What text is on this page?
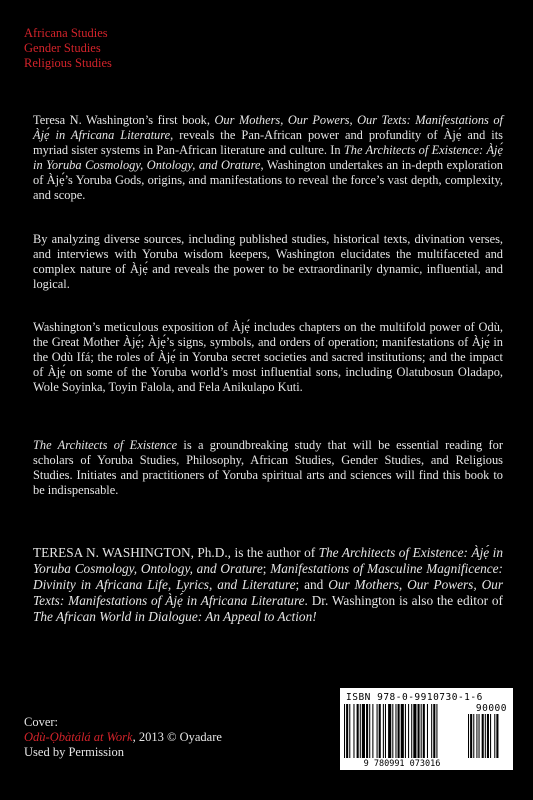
Africana Studies
Gender Studies
Religious Studies
Teresa N. Washington’s first book, Our Mothers, Our Powers, Our Texts: Manifestations of Àjẹ́ in Africana Literature, reveals the Pan-African power and profundity of Àjẹ́ and its myriad sister systems in Pan-African literature and culture. In The Architects of Existence: Àjẹ́ in Yoruba Cosmology, Ontology, and Orature, Washington undertakes an in-depth exploration of Àjẹ́’s Yoruba Gods, origins, and manifestations to reveal the force’s vast depth, complexity, and scope.
By analyzing diverse sources, including published studies, historical texts, divination verses, and interviews with Yoruba wisdom keepers, Washington elucidates the multifaceted and complex nature of Àjẹ́ and reveals the power to be extraordinarily dynamic, influential, and logical.
Washington’s meticulous exposition of Àjẹ́ includes chapters on the multifold power of Odù, the Great Mother Àjẹ́; Àjẹ́’s signs, symbols, and orders of operation; manifestations of Àjẹ́ in the Odù Ifá; the roles of Àjẹ́ in Yoruba secret societies and sacred institutions; and the impact of Àjẹ́ on some of the Yoruba world’s most influential sons, including Olatubosun Oladapo, Wole Soyinka, Toyin Falola, and Fela Anikulapo Kuti.
The Architects of Existence is a groundbreaking study that will be essential reading for scholars of Yoruba Studies, Philosophy, African Studies, Gender Studies, and Religious Studies. Initiates and practitioners of Yoruba spiritual arts and sciences will find this book to be indispensable.
TERESA N. WASHINGTON, Ph.D., is the author of The Architects of Existence: Àjẹ́ in Yoruba Cosmology, Ontology, and Orature; Manifestations of Masculine Magnificence: Divinity in Africana Life, Lyrics, and Literature; and Our Mothers, Our Powers, Our Texts: Manifestations of Àjẹ́ in Africana Literature. Dr. Washington is also the editor of The African World in Dialogue: An Appeal to Action!
Cover:
Odù-Ọbàtálá at Work, 2013 © Oyadare
Used by Permission
ISBN 978-0-9910730-1-6
90000
9 780991 073016
